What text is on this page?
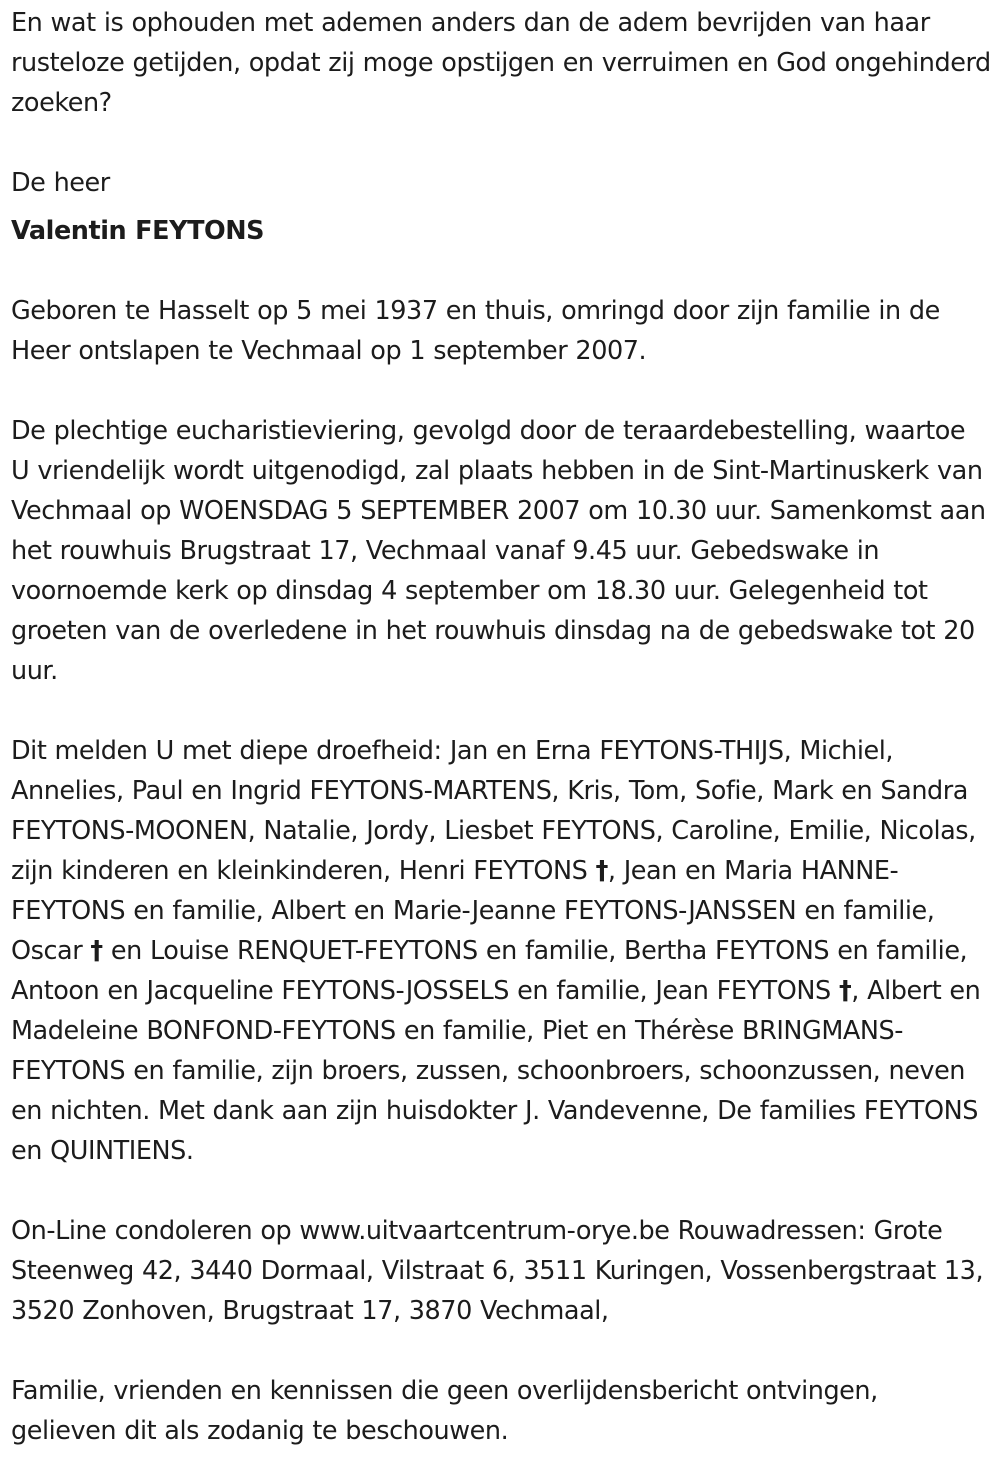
En wat is ophouden met ademen anders dan de adem bevrijden van haar rusteloze getijden, opdat zij moge opstijgen en verruimen en God ongehinderd zoeken?

De heer

Valentin FEYTONS

Geboren te Hasselt op 5 mei 1937 en thuis, omringd door zijn familie in de Heer ontslapen te Vechmaal op 1 september 2007.

De plechtige eucharistieviering, gevolgd door de teraardebestelling, waartoe U vriendelijk wordt uitgenodigd, zal plaats hebben in de Sint-Martinuskerk van Vechmaal op WOENSDAG 5 SEPTEMBER 2007 om 10.30 uur. Samenkomst aan het rouwhuis Brugstraat 17, Vechmaal vanaf 9.45 uur. Gebedswake in voornoemde kerk op dinsdag 4 september om 18.30 uur. Gelegenheid tot groeten van de overledene in het rouwhuis dinsdag na de gebedswake tot 20 uur.

Dit melden U met diepe droefheid: Jan en Erna FEYTONS-THIJS, Michiel, Annelies, Paul en Ingrid FEYTONS-MARTENS, Kris, Tom, Sofie, Mark en Sandra FEYTONS-MOONEN, Natalie, Jordy, Liesbet FEYTONS, Caroline, Emilie, Nicolas, zijn kinderen en kleinkinderen, Henri FEYTONS †, Jean en Maria HANNE-FEYTONS en familie, Albert en Marie-Jeanne FEYTONS-JANSSEN en familie, Oscar † en Louise RENQUET-FEYTONS en familie, Bertha FEYTONS en familie, Antoon en Jacqueline FEYTONS-JOSSELS en familie, Jean FEYTONS †, Albert en Madeleine BONFOND-FEYTONS en familie, Piet en Thérèse BRINGMANS-FEYTONS en familie, zijn broers, zussen, schoonbroers, schoonzussen, neven en nichten. Met dank aan zijn huisdokter J. Vandevenne, De families FEYTONS en QUINTIENS.

On-Line condoleren op www.uitvaartcentrum-orye.be Rouwadressen: Grote Steenweg 42, 3440 Dormaal, Vilstraat 6, 3511 Kuringen, Vossenbergstraat 13, 3520 Zonhoven, Brugstraat 17, 3870 Vechmaal,

Familie, vrienden en kennissen die geen overlijdensbericht ontvingen, gelieven dit als zodanig te beschouwen.
